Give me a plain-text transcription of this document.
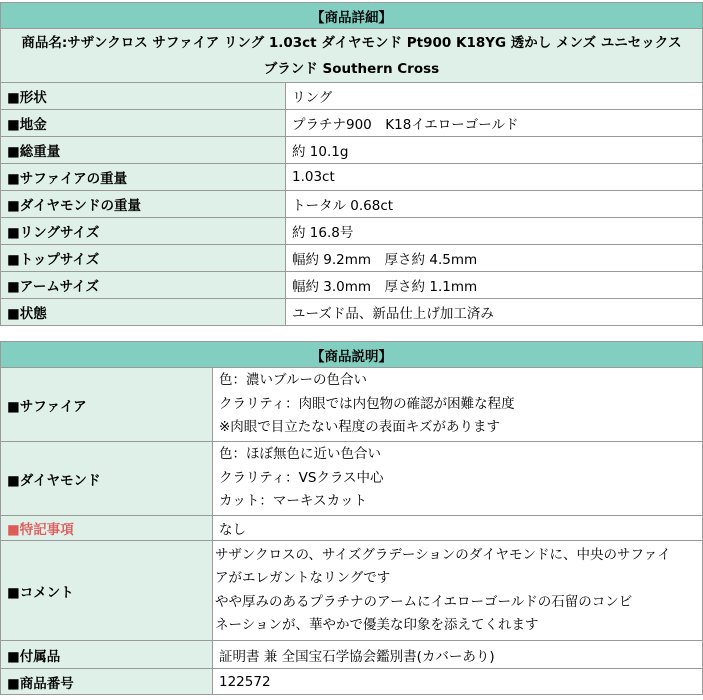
【商品詳細】	

商品名:サザンクロス サファイア リング 1.03ct ダイヤモンド Pt900 K18YG 透かし メンズ ユニセックス
ブランド Southern Cross	

■形状	リング
■地金	プラチナ900　K18イエローゴールド
■総重量	約 10.1g
■サファイアの重量	1.03ct
■ダイヤモンドの重量	トータル 0.68ct
■リングサイズ	約 16.8号
■トップサイズ	幅約 9.2mm　厚さ約 4.5mm
■アームサイズ	幅約 3.0mm　厚さ約 1.1mm
■状態	ユーズド品、新品仕上げ加工済み
【商品説明】	
■サファイア	色：濃いブルーの色合い
クラリティ：肉眼では内包物の確認が困難な程度
※肉眼で目立たない程度の表面キズがあります

■ダイヤモンド	色：ほぼ無色に近い色合い
クラリティ：VSクラス中心
カット：マーキスカット

■特記事項	なし
■コメント	サザンクロスの、サイズグラデーションのダイヤモンドに、中央のサファイ
アがエレガントなリングです
やや厚みのあるプラチナのアームにイエローゴールドの石留のコンビ
ネーションが、華やかで優美な印象を添えてくれます

■付属品	証明書 兼 全国宝石学協会鑑別書(カバーあり)
■商品番号	122572
